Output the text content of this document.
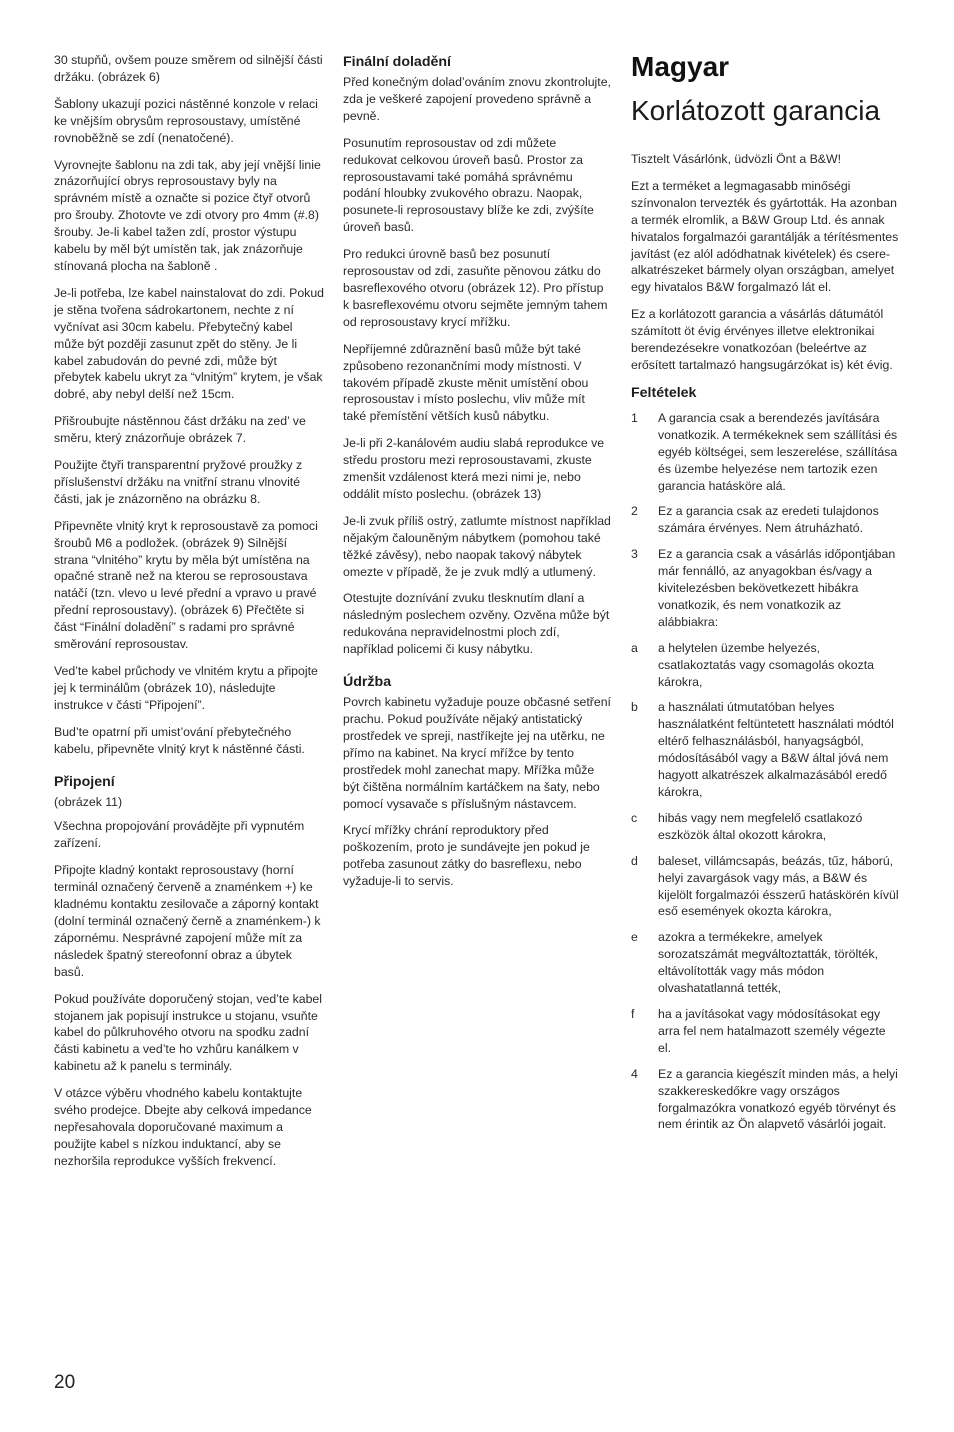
30 stupňů, ovšem pouze směrem od silnější části držáku. (obrázek 6)

Šablony ukazují pozici nástěnné konzole v relaci ke vnějším obrysům reprosoustavy, umístěné rovnoběžně se zdí (nenatočené).

Vyrovnejte šablonu na zdi tak, aby její vnější linie znázorňující obrys reprosoustavy byly na správném místě a označte si pozice čtyř otvorů pro šrouby. Zhotovte ve zdi otvory pro 4mm (#.8) šrouby. Je-li kabel tažen zdí, prostor výstupu kabelu by měl být umístěn tak, jak znázorňuje stínovaná plocha na šabloně .

Je-li potřeba, lze kabel nainstalovat do zdi. Pokud je stěna tvořena sádrokartonem, nechte z ní vyčnívat asi 30cm kabelu. Přebytečný kabel může být později zasunut zpět do stěny. Je li kabel zabudován do pevné zdi, může být přebytek kabelu ukryt za “vlnitým” krytem, je však dobré, aby nebyl delší než 15cm.

Přišroubujte nástěnnou část držáku na zed’ ve směru, který znázorňuje obrázek 7.

Použijte čtyři transparentní pryžové proužky z příslušenství držáku na vnitřní stranu vlnovité části, jak je znázorněno na obrázku 8.

Připevněte vlnitý kryt k reprosoustavě za pomoci šroubů M6 a podložek. (obrázek 9) Silnější strana “vlnitého” krytu by měla být umístěna na opačné straně než na kterou se reprosoustava natáčí (tzn. vlevo u levé přední a vpravo u pravé přední reprosoustavy). (obrázek 6) Přečtěte si část “Finální doladění” s radami pro správné směrování reprosoustav.

Ved’te kabel průchody ve vlnitém krytu a připojte jej k terminálům (obrázek 10), následujte instrukce v části “Připojení”.

Bud’te opatrní při umist’ování přebytečného kabelu, připevněte vlnitý kryt k nástěnné části.

Připojení

(obrázek 11)

Všechna propojování provádějte při vypnutém zařízení.

Připojte kladný kontakt reprosoustavy (horní terminál označený červeně a znaménkem +) ke kladnému kontaktu zesilovače a záporný kontakt (dolní terminál označený černě a znaménkem-) k zápornému. Nesprávné zapojení může mít za následek špatný stereofonní obraz a úbytek basů.

Pokud používáte doporučený stojan, ved’te kabel stojanem jak popisují instrukce u stojanu, vsuňte kabel do půlkruhového otvoru na spodku zadní části kabinetu a ved’te ho vzhůru kanálkem v kabinetu až k panelu s terminály.

V otázce výběru vhodného kabelu kontaktujte svého prodejce. Dbejte aby celková impedance nepřesahovala doporučované maximum a použijte kabel s nízkou induktancí, aby se nezhoršila reprodukce vyšších frekvencí.

Finální doladění

Před konečným dolad’ováním znovu zkontrolujte, zda je veškeré zapojení provedeno správně a pevně.

Posunutím reprosoustav od zdi můžete redukovat celkovou úroveň basů. Prostor za reprosoustavami také pomáhá správnému podání hloubky zvukového obrazu. Naopak, posunete-li reprosoustavy blíže ke zdi, zvýšíte úroveň basů.

Pro redukci úrovně basů bez posunutí reprosoustav od zdi, zasuňte pěnovou zátku do basreflexového otvoru (obrázek 12). Pro přístup k basreflexovému otvoru sejměte jemným tahem od reprosoustavy krycí mřížku.

Nepříjemné zdůraznění basů může být také způsobeno rezonančními mody místnosti. V takovém případě zkuste měnit umístění obou reprosoustav i místo poslechu, vliv může mít také přemístění větších kusů nábytku.

Je-li při 2-kanálovém audiu slabá reprodukce ve středu prostoru mezi reprosoustavami, zkuste zmenšit vzdálenost která mezi nimi je, nebo oddálit místo poslechu. (obrázek 13)

Je-li zvuk příliš ostrý, zatlumte místnost například nějakým čalouněným nábytkem (pomohou také těžké závěsy), nebo naopak takový nábytek omezte v případě, že je zvuk mdlý a utlumený.

Otestujte doznívání zvuku tlesknutím dlaní a následným poslechem ozvěny. Ozvěna může být redukována nepravidelnostmi ploch zdí, například policemi či kusy nábytku.

Údržba

Povrch kabinetu vyžaduje pouze občasné setření prachu. Pokud používáte nějaký antistatický prostředek ve spreji, nastříkejte jej na utěrku, ne přímo na kabinet. Na krycí mřížce by tento prostředek mohl zanechat mapy. Mřížka může být čištěna normálním kartáčkem na šaty, nebo pomocí vysavače s příslušným nástavcem.

Krycí mřížky chrání reproduktory před poškozením, proto je sundávejte jen pokud je potřeba zasunout zátky do basreflexu, nebo vyžaduje-li to servis.

Magyar
Korlátozott garancia

Tisztelt Vásárlónk, üdvözli Önt a B&W!

Ezt a terméket a legmagasabb minőségi színvonalon tervezték és gyártották. Ha azonban a termék elromlik, a B&W Group Ltd. és annak hivatalos forgalmazói garantálják a térítésmentes javítást (ez alól adódhatnak kivételek) és cserealkatrészeket bármely olyan országban, amelyet egy hivatalos B&W forgalmazó lát el.

Ez a korlátozott garancia a vásárlás dátumától számított öt évig érvényes illetve elektronikai berendezésekre vonatkozóan (beleértve az erősített tartalmazó hangsugárzókat is) két évig.

Feltételek
1	A garancia csak a berendezés javítására vonatkozik. A termékeknek sem szállítási és egyéb költségei, sem leszerelése, szállítása és üzembe helyezése nem tartozik ezen garancia hatásköre alá.
2	Ez a garancia csak az eredeti tulajdonos számára érvényes. Nem átruházható.
3	Ez a garancia csak a vásárlás időpontjában már fennálló, az anyagokban és/vagy a kivitelezésben bekövetkezett hibákra vonatkozik, és nem vonatkozik az alábbiakra:
a	a helytelen üzembe helyezés, csatlakoztatás vagy csomagolás okozta károkra,
b	a használati útmutatóban helyes használatként feltüntetett használati módtól eltérő felhasználásból, hanyagságból, módosításából vagy a B&W által jóvá nem hagyott alkatrészek alkalmazásából eredő károkra,
c	hibás vagy nem megfelelő csatlakozó eszközök által okozott károkra,
d	baleset, villámcsapás, beázás, tűz, háború, helyi zavargások vagy más, a B&W és kijelölt forgalmazói ésszerű hatáskörén kívül eső események okozta károkra,
e	azokra a termékekre, amelyek sorozatszámát megváltoztatták, törölték, eltávolították vagy más módon olvashatatlanná tették,
f	ha a javításokat vagy módosításokat egy arra fel nem hatalmazott személy végezte el.
4	Ez a garancia kiegészít minden más, a helyi szakkereskedőkre vagy országos forgalmazókra vonatkozó egyéb törvényt és nem érintik az Ön alapvető vásárlói jogait.
20
